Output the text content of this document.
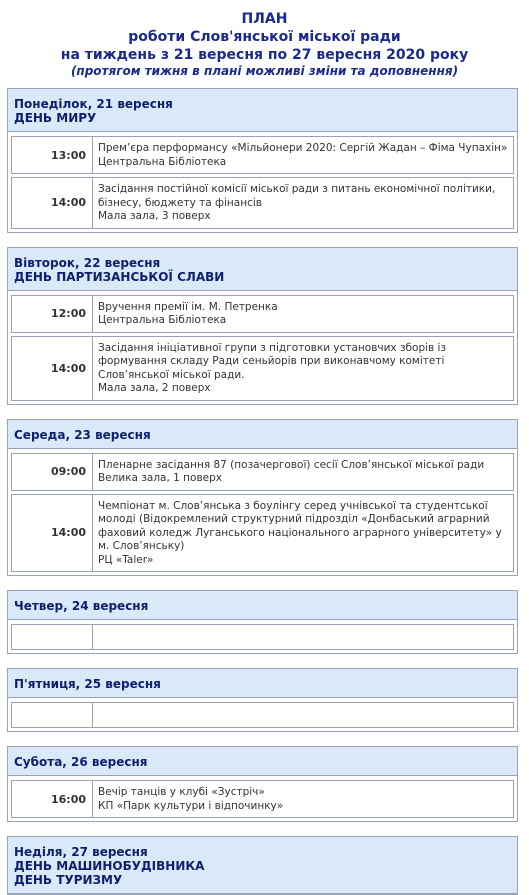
ПЛАН
роботи Слов'янської міської ради
на тиждень з 21 вересня по 27 вересня 2020 року
(протягом тижня в плані можливі зміни та доповнення)
Понеділок, 21 вересня
ДЕНЬ МИРУ
13:00
Прем’єра перформансу «Мільйонери 2020: Сергій Жадан – Фіма Чупахін»
Центральна Бібліотека
14:00
Засідання постійної комісії міської ради з питань економічної політики, бізнесу, бюджету та фінансів
Мала зала, 3 поверх
Вівторок, 22 вересня
ДЕНЬ ПАРТИЗАНСЬКОЇ СЛАВИ
12:00
Вручення премії ім. М. Петренка
Центральна Бібліотека
14:00
Засідання ініціативної групи з підготовки установчих зборів із формування складу Ради сеньйорів при виконавчому комітеті Слов’янської міської ради.
Мала зала, 2 поверх
Середа, 23 вересня
09:00
Пленарне засідання 87 (позачергової) сесії Слов’янської міської ради
Велика зала, 1 поверх
14:00
Чемпіонат м. Слов’янська з боулінгу серед учнівської та студентської молоді (Відокремлений структурний підрозділ «Донбаський аграрний фаховий коледж Луганського національного аграрного університету» у м. Слов’янську)
РЦ «Taler»
Четвер, 24 вересня
П'ятниця, 25 вересня
Субота, 26 вересня
16:00
Вечір танців у клубі «Зустріч»
КП «Парк культури і відпочинку»
Неділя, 27 вересня
ДЕНЬ МАШИНОБУДІВНИКА
ДЕНЬ ТУРИЗМУ
